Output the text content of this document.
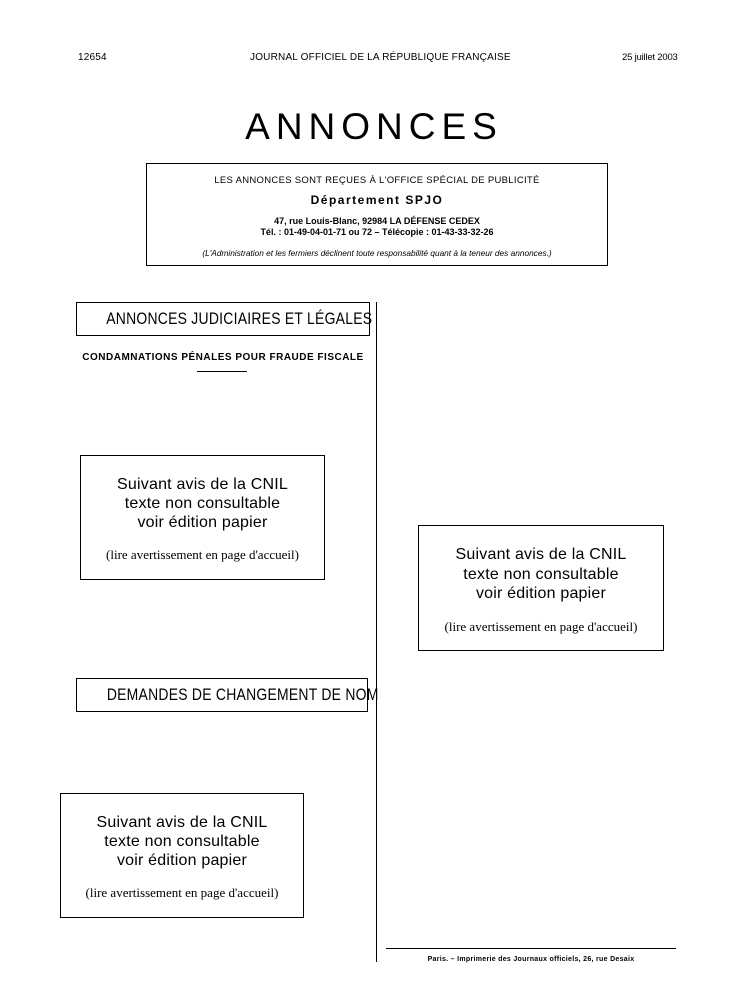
12654	JOURNAL OFFICIEL DE LA RÉPUBLIQUE FRANÇAISE	25 juillet 2003
ANNONCES
LES ANNONCES SONT REÇUES À L'OFFICE SPÉCIAL DE PUBLICITÉ
Département SPJO
47, rue Louis-Blanc, 92984 LA DÉFENSE CEDEX
Tél. : 01-49-04-01-71 ou 72 – Télécopie : 01-43-33-32-26
(L'Administration et les fermiers déclinent toute responsabilité quant à la teneur des annonces.)
ANNONCES JUDICIAIRES ET LÉGALES
CONDAMNATIONS PÉNALES POUR FRAUDE FISCALE
Suivant avis de la CNIL
texte non consultable
voir édition papier
(lire avertissement en page d'accueil)	Suivant avis de la CNIL
texte non consultable
voir édition papier
(lire avertissement en page d'accueil)
DEMANDES DE CHANGEMENT DE NOM
Suivant avis de la CNIL
texte non consultable
voir édition papier
(lire avertissement en page d'accueil)
Paris. – Imprimerie des Journaux officiels, 26, rue Desaix
